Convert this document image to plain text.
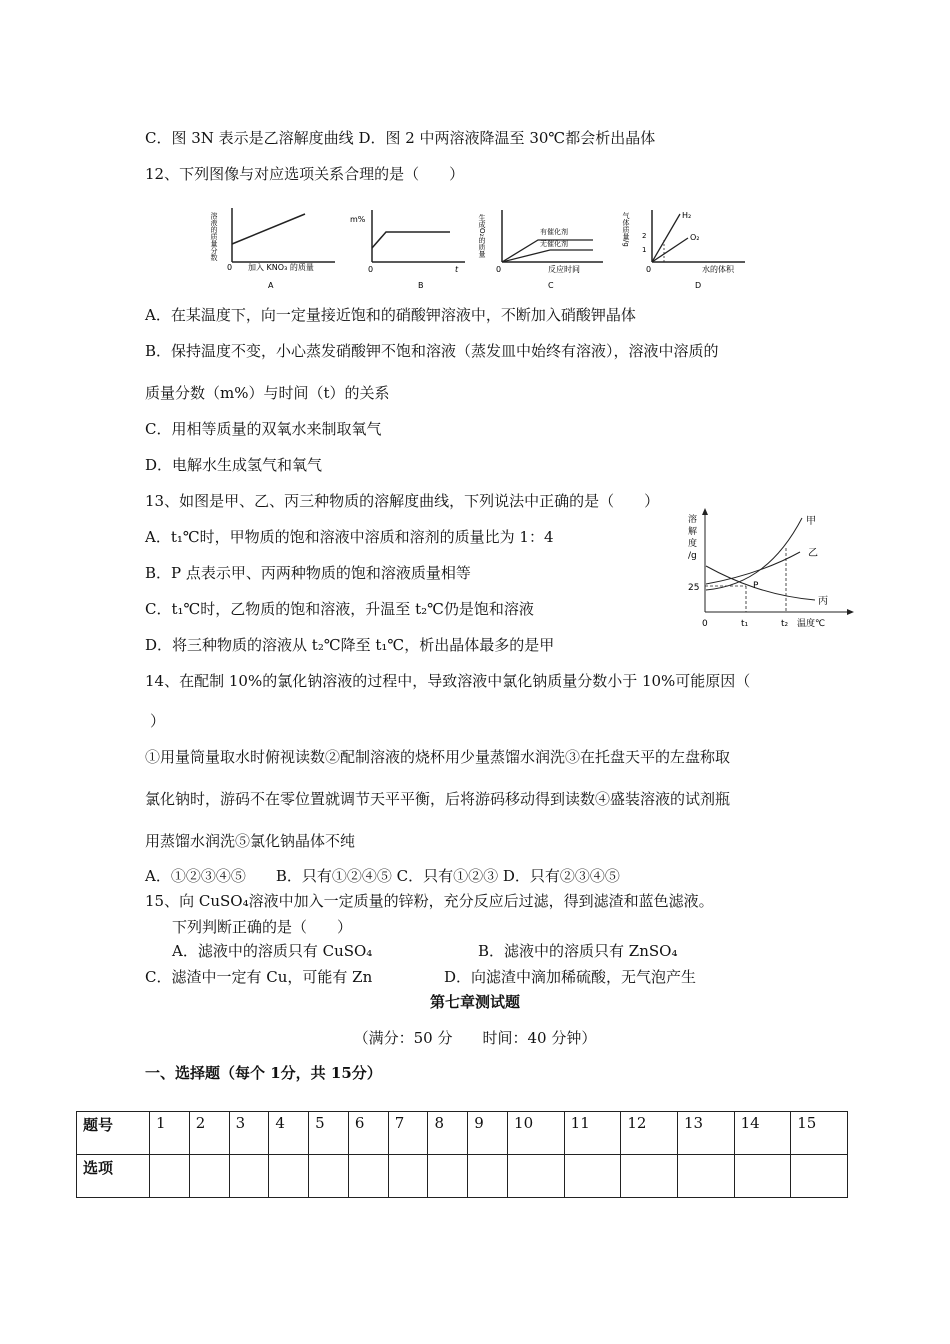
C．图 3N 表示是乙溶解度曲线 D．图 2 中两溶液降温至 30℃都会析出晶体
12、下列图像与对应选项关系合理的是（　　）
溶液的质量分数
0 加入 KNO₃ 的质量
A
m%
0	t
B
生成O₂的质量	有催化剂
无催化剂
0	反应时间
C
气体质量/g 2
1
H₂
O₂
0	水的体积
D
A．在某温度下，向一定量接近饱和的硝酸钾溶液中，不断加入硝酸钾晶体
B．保持温度不变，小心蒸发硝酸钾不饱和溶液（蒸发皿中始终有溶液），溶液中溶质的
质量分数（m%）与时间（t）的关系
C．用相等质量的双氧水来制取氧气
D．电解水生成氢气和氧气
13、如图是甲、乙、丙三种物质的溶解度曲线，下列说法中正确的是（　　）
A．t₁℃时，甲物质的饱和溶液中溶质和溶剂的质量比为 1：4
B．P 点表示甲、丙两种物质的饱和溶液质量相等
C．t₁℃时，乙物质的饱和溶液，升温至 t₂℃仍是饱和溶液
D．将三种物质的溶液从 t₂℃降至 t₁℃，析出晶体最多的是甲
溶
解
度
/g
25
0	t₁	t₂ 温度℃
P
甲
乙
丙
14、在配制 10%的氯化钠溶液的过程中，导致溶液中氯化钠质量分数小于 10%可能原因（
）
①用量筒量取水时俯视读数②配制溶液的烧杯用少量蒸馏水润洗③在托盘天平的左盘称取
氯化钠时，游码不在零位置就调节天平平衡，后将游码移动得到读数④盛装溶液的试剂瓶
用蒸馏水润洗⑤氯化钠晶体不纯
A．①②③④⑤　　B．只有①②④⑤ C．只有①②③ D．只有②③④⑤
15、向 CuSO₄溶液中加入一定质量的锌粉，充分反应后过滤，得到滤渣和蓝色滤液。
下列判断正确的是（　　）
A．滤液中的溶质只有 CuSO₄	B．滤液中的溶质只有 ZnSO₄
C．滤渣中一定有 Cu，可能有 Zn	D．向滤渣中滴加稀硫酸，无气泡产生
第七章测试题
（满分：50 分　　时间：40 分钟）
一、选择题（每个 1分，共 15分）
题号	1	2	3	4	5	6	7	8	9	10	11	12	13	14	15
选项															
